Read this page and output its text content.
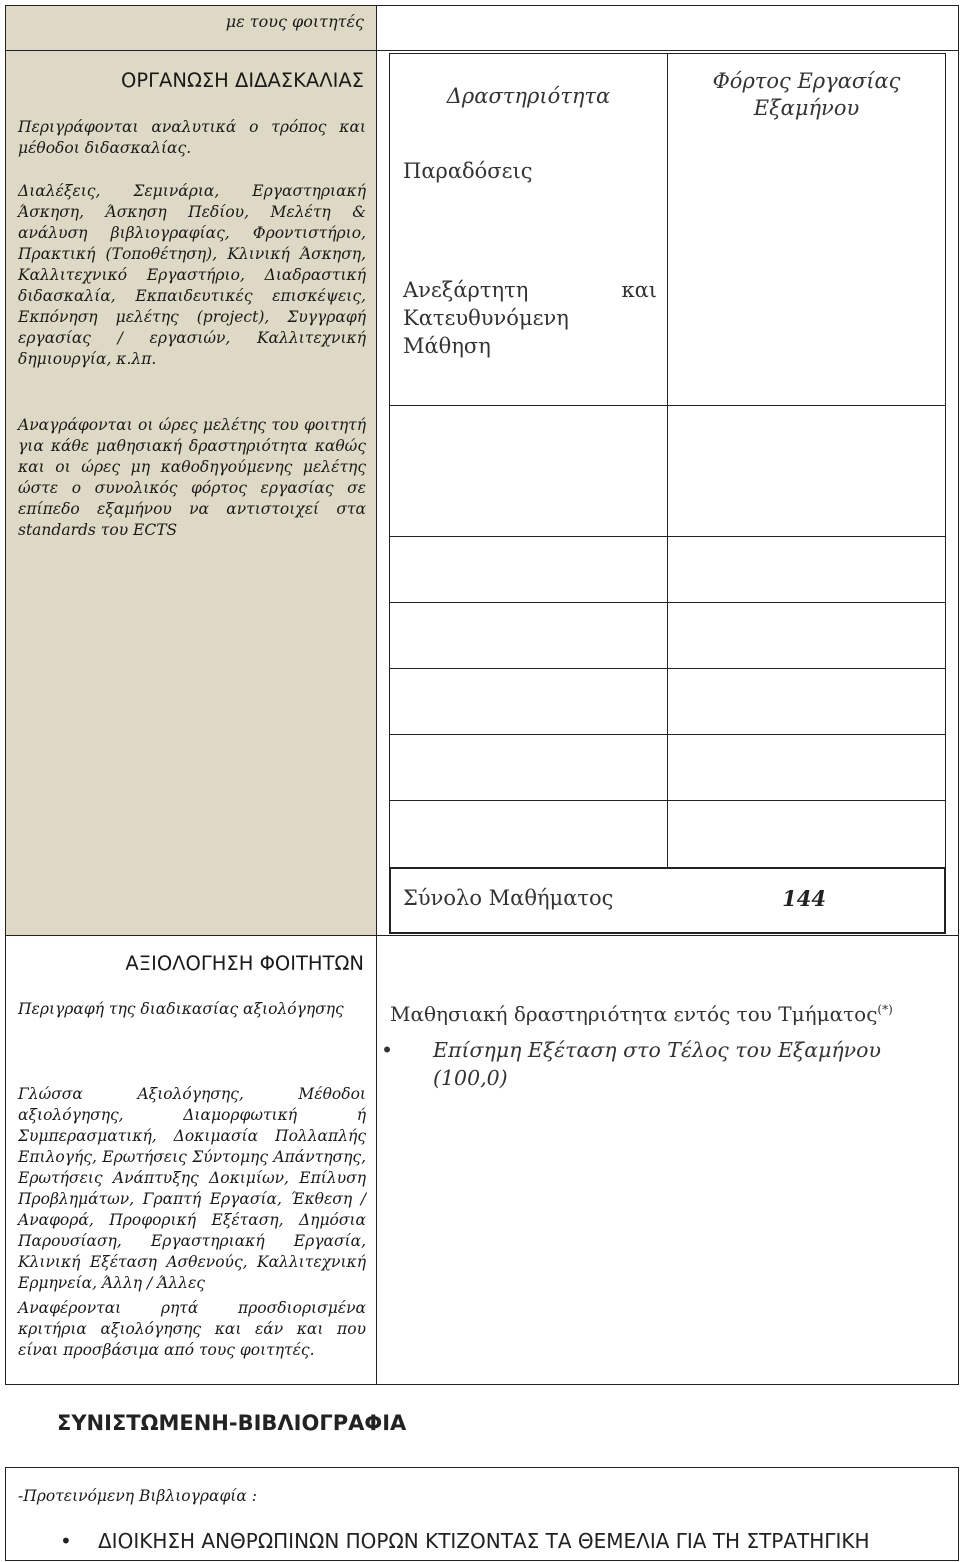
με τους φοιτητές
ΟΡΓΑΝΩΣΗ ΔΙΔΑΣΚΑΛΙΑΣ
Περιγράφονται αναλυτικά ο τρόπος και μέθοδοι διδασκαλίας.
Διαλέξεις, Σεμινάρια, Εργαστηριακή Άσκηση, Άσκηση Πεδίου, Μελέτη & ανάλυση βιβλιογραφίας, Φροντιστήριο, Πρακτική (Τοποθέτηση), Κλινική Άσκηση, Καλλιτεχνικό Εργαστήριο, Διαδραστική διδασκαλία, Εκπαιδευτικές επισκέψεις, Εκπόνηση μελέτης (project), Συγγραφή εργασίας / εργασιών, Καλλιτεχνική δημιουργία, κ.λπ.
Αναγράφονται οι ώρες μελέτης του φοιτητή για κάθε μαθησιακή δραστηριότητα καθώς και οι ώρες μη καθοδηγούμενης μελέτης ώστε ο συνολικός φόρτος εργασίας σε επίπεδο εξαμήνου να αντιστοιχεί στα standards του ECTS
Δραστηριότητα
Φόρτος Εργασίας Εξαμήνου
Παραδόσεις
Ανεξάρτητη και Κατευθυνόμενη Μάθηση
Σύνολο Μαθήματος	144
ΑΞΙΟΛΟΓΗΣΗ ΦΟΙΤΗΤΩΝ
Περιγραφή της διαδικασίας αξιολόγησης
Γλώσσα Αξιολόγησης, Μέθοδοι αξιολόγησης, Διαμορφωτική ή Συμπερασματική, Δοκιμασία Πολλαπλής Επιλογής, Ερωτήσεις Σύντομης Απάντησης, Ερωτήσεις Ανάπτυξης Δοκιμίων, Επίλυση Προβλημάτων, Γραπτή Εργασία, Έκθεση / Αναφορά, Προφορική Εξέταση, Δημόσια Παρουσίαση, Εργαστηριακή Εργασία, Κλινική Εξέταση Ασθενούς, Καλλιτεχνική Ερμηνεία, Άλλη / Άλλες
Αναφέρονται ρητά προσδιορισμένα κριτήρια αξιολόγησης και εάν και που είναι προσβάσιμα από τους φοιτητές.
Μαθησιακή δραστηριότητα εντός του Τμήματος(*)
• Επίσημη Εξέταση στο Τέλος του Εξαμήνου (100,0)
ΣΥΝΙΣΤΩΜΕΝΗ-ΒΙΒΛΙΟΓΡΑΦΙΑ
-Προτεινόμενη Βιβλιογραφία :
• ΔΙΟΙΚΗΣΗ ΑΝΘΡΩΠΙΝΩΝ ΠΟΡΩΝ ΚΤΙΖΟΝΤΑΣ ΤΑ ΘΕΜΕΛΙΑ ΓΙΑ ΤΗ ΣΤΡΑΤΗΓΙΚΗ
